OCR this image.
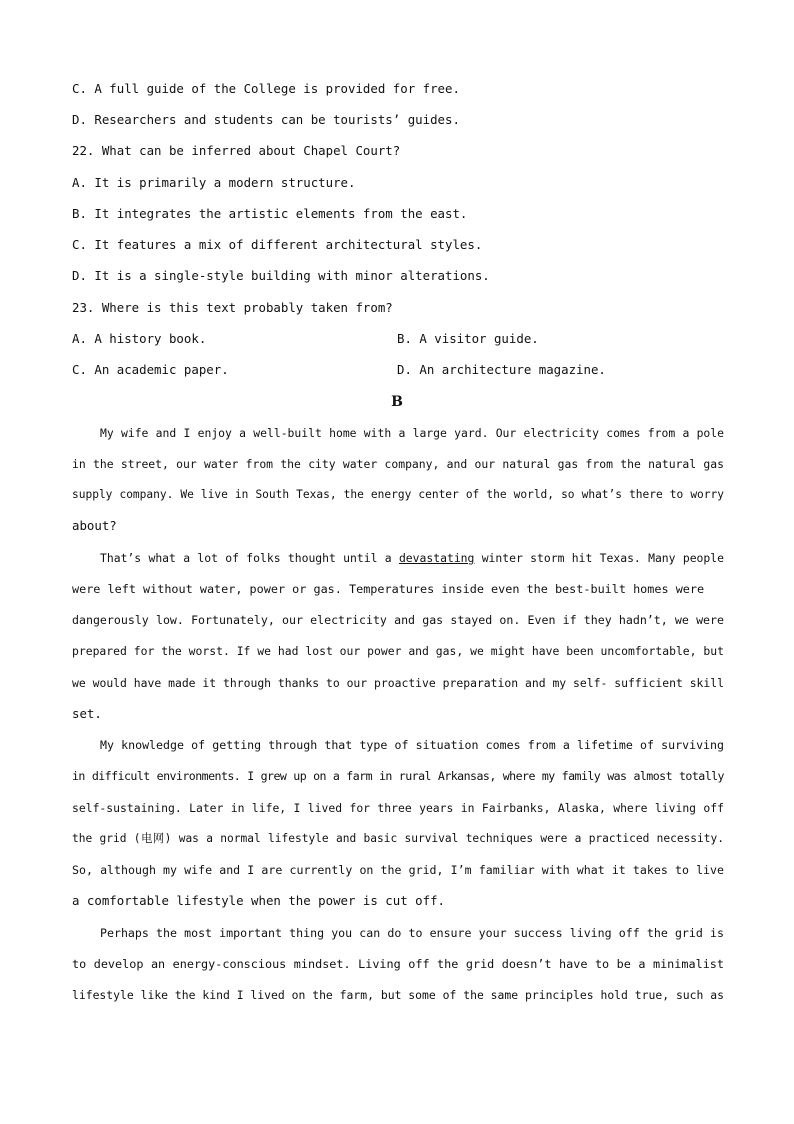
C. A full guide of the College is provided for free.
D. Researchers and students can be tourists’ guides.
22. What can be inferred about Chapel Court?
A. It is primarily a modern structure.
B. It integrates the artistic elements from the east.
C. It features a mix of different architectural styles.
D. It is a single-style building with minor alterations.
23. Where is this text probably taken from?
A. A history book.	B. A visitor guide.
C. An academic paper.	D. An architecture magazine.
B
My wife and I enjoy a well-built home with a large yard. Our electricity comes from a pole
in the street, our water from the city water company, and our natural gas from the natural gas
supply company. We live in South Texas, the energy center of the world, so what’s there to worry
about?
That’s what a lot of folks thought until a devastating winter storm hit Texas. Many people
were left without water, power or gas. Temperatures inside even the best-built homes were
dangerously low. Fortunately, our electricity and gas stayed on. Even if they hadn’t, we were
prepared for the worst. If we had lost our power and gas, we might have been uncomfortable, but
we would have made it through thanks to our proactive preparation and my self- sufficient skill
set.
My knowledge of getting through that type of situation comes from a lifetime of surviving
in difficult environments. I grew up on a farm in rural Arkansas, where my family was almost totally
self-sustaining. Later in life, I lived for three years in Fairbanks, Alaska, where living off
the grid (电网) was a normal lifestyle and basic survival techniques were a practiced necessity.
So, although my wife and I are currently on the grid, I’m familiar with what it takes to live
a comfortable lifestyle when the power is cut off.
Perhaps the most important thing you can do to ensure your success living off the grid is
to develop an energy-conscious mindset. Living off the grid doesn’t have to be a minimalist
lifestyle like the kind I lived on the farm, but some of the same principles hold true, such as
